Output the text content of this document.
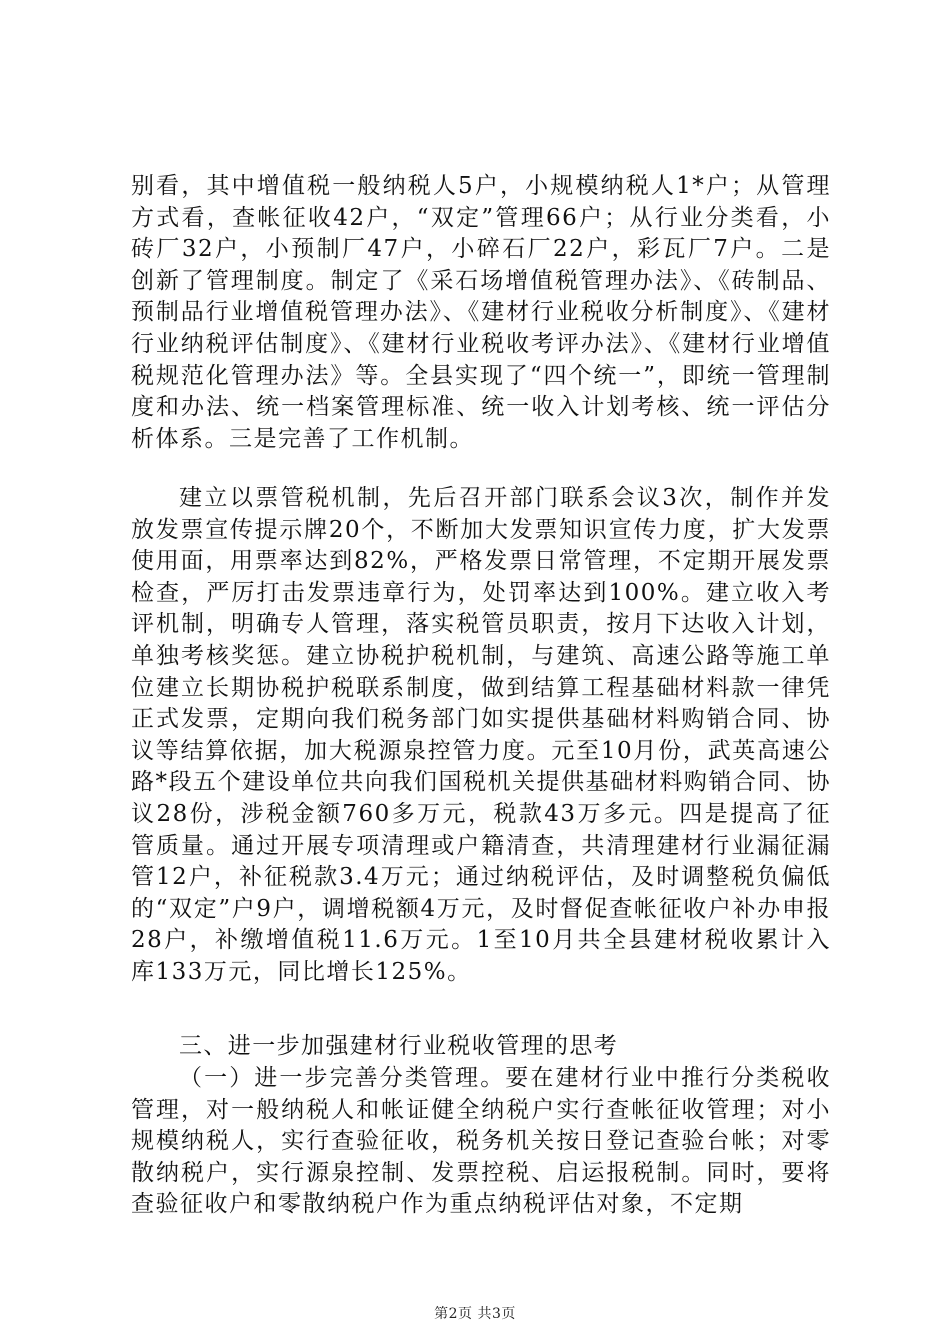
别看，其中增值税一般纳税人5户，小规模纳税人1*户；从管理方式看，查帐征收42户，“双定”管理66户；从行业分类看，小砖厂32户，小预制厂47户，小碎石厂22户，彩瓦厂7户。二是创新了管理制度。制定了《采石场增值税管理办法》、《砖制品、预制品行业增值税管理办法》、《建材行业税收分析制度》、《建材行业纳税评估制度》、《建材行业税收考评办法》、《建材行业增值税规范化管理办法》等。全县实现了“四个统一”，即统一管理制度和办法、统一档案管理标准、统一收入计划考核、统一评估分析体系。三是完善了工作机制。

建立以票管税机制，先后召开部门联系会议3次，制作并发放发票宣传提示牌20个，不断加大发票知识宣传力度，扩大发票使用面，用票率达到82%，严格发票日常管理，不定期开展发票检查，严厉打击发票违章行为，处罚率达到100%。建立收入考评机制，明确专人管理，落实税管员职责，按月下达收入计划，单独考核奖惩。建立协税护税机制，与建筑、高速公路等施工单位建立长期协税护税联系制度，做到结算工程基础材料款一律凭正式发票，定期向我们税务部门如实提供基础材料购销合同、协议等结算依据，加大税源泉控管力度。元至10月份，武英高速公路*段五个建设单位共向我们国税机关提供基础材料购销合同、协议28份，涉税金额760多万元，税款43万多元。四是提高了征管质量。通过开展专项清理或户籍清查，共清理建材行业漏征漏管12户，补征税款3.4万元；通过纳税评估，及时调整税负偏低的“双定”户9户，调增税额4万元，及时督促查帐征收户补办申报28户，补缴增值税11.6万元。1至10月共全县建材税收累计入库133万元，同比增长125%。

三、进一步加强建材行业税收管理的思考

（一）进一步完善分类管理。要在建材行业中推行分类税收管理，对一般纳税人和帐证健全纳税户实行查帐征收管理；对小规模纳税人，实行查验征收，税务机关按日登记查验台帐；对零散纳税户，实行源泉控制、发票控税、启运报税制。同时，要将查验征收户和零散纳税户作为重点纳税评估对象，不定期

第2页 共3页
